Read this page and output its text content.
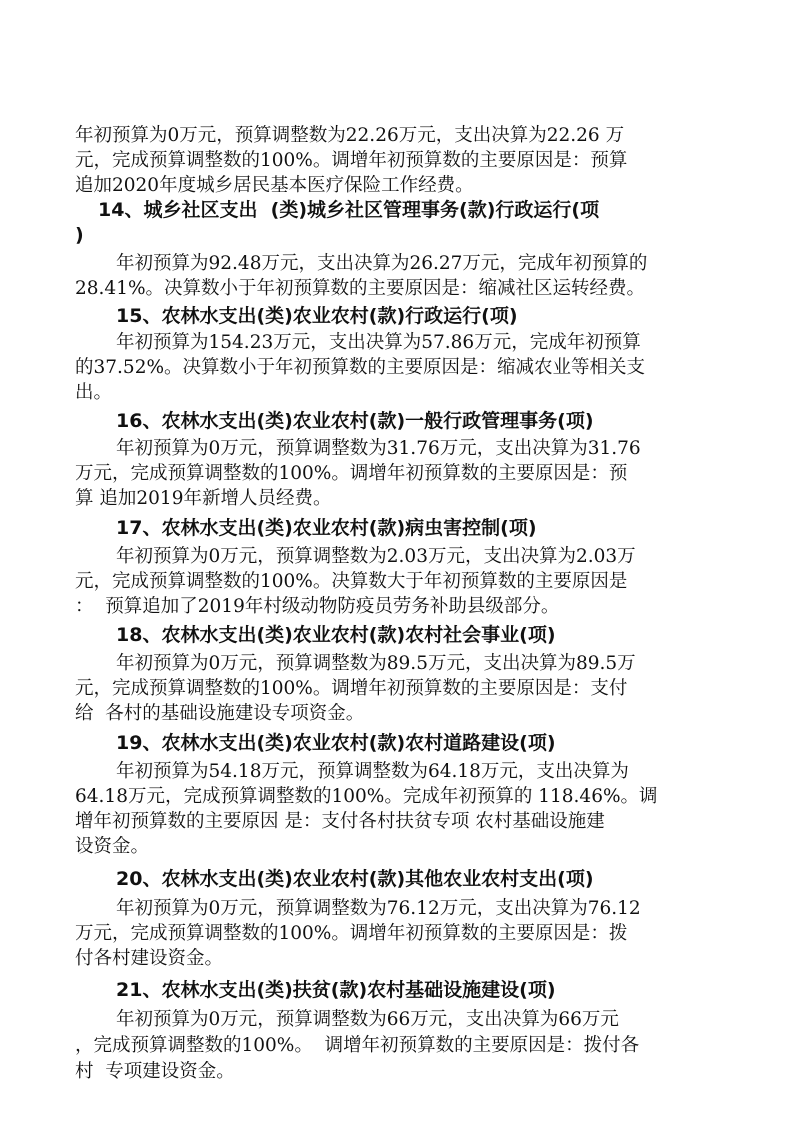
年初预算为0万元，预算调整数为22.26万元，支出决算为22.26 万
元，完成预算调整数的100%。调增年初预算数的主要原因是：预算
追加2020年度城乡居民基本医疗保险工作经费。
14、城乡社区支出  (类)城乡社区管理事务(款)行政运行(项
)
年初预算为92.48万元，支出决算为26.27万元，完成年初预算的
28.41%。决算数小于年初预算数的主要原因是：缩减社区运转经费。
15、农林水支出(类)农业农村(款)行政运行(项)
年初预算为154.23万元，支出决算为57.86万元，完成年初预算
的37.52%。决算数小于年初预算数的主要原因是：缩减农业等相关支
出。
16、农林水支出(类)农业农村(款)一般行政管理事务(项)
年初预算为0万元，预算调整数为31.76万元，支出决算为31.76
万元，完成预算调整数的100%。调增年初预算数的主要原因是：预
算 追加2019年新增人员经费。
17、农林水支出(类)农业农村(款)病虫害控制(项)
年初预算为0万元，预算调整数为2.03万元，支出决算为2.03万
元，完成预算调整数的100%。决算数大于年初预算数的主要原因是
：  预算追加了2019年村级动物防疫员劳务补助县级部分。
18、农林水支出(类)农业农村(款)农村社会事业(项)
年初预算为0万元，预算调整数为89.5万元，支出决算为89.5万
元，完成预算调整数的100%。调增年初预算数的主要原因是：支付
给  各村的基础设施建设专项资金。
19、农林水支出(类)农业农村(款)农村道路建设(项)
年初预算为54.18万元，预算调整数为64.18万元，支出决算为
64.18万元，完成预算调整数的100%。完成年初预算的 118.46%。调
增年初预算数的主要原因 是：支付各村扶贫专项 农村基础设施建
设资金。
20、农林水支出(类)农业农村(款)其他农业农村支出(项)
年初预算为0万元，预算调整数为76.12万元，支出决算为76.12
万元，完成预算调整数的100%。调增年初预算数的主要原因是：拨
付各村建设资金。
21、农林水支出(类)扶贫(款)农村基础设施建设(项)
年初预算为0万元，预算调整数为66万元，支出决算为66万元
，完成预算调整数的100%。  调增年初预算数的主要原因是：拨付各
村  专项建设资金。
